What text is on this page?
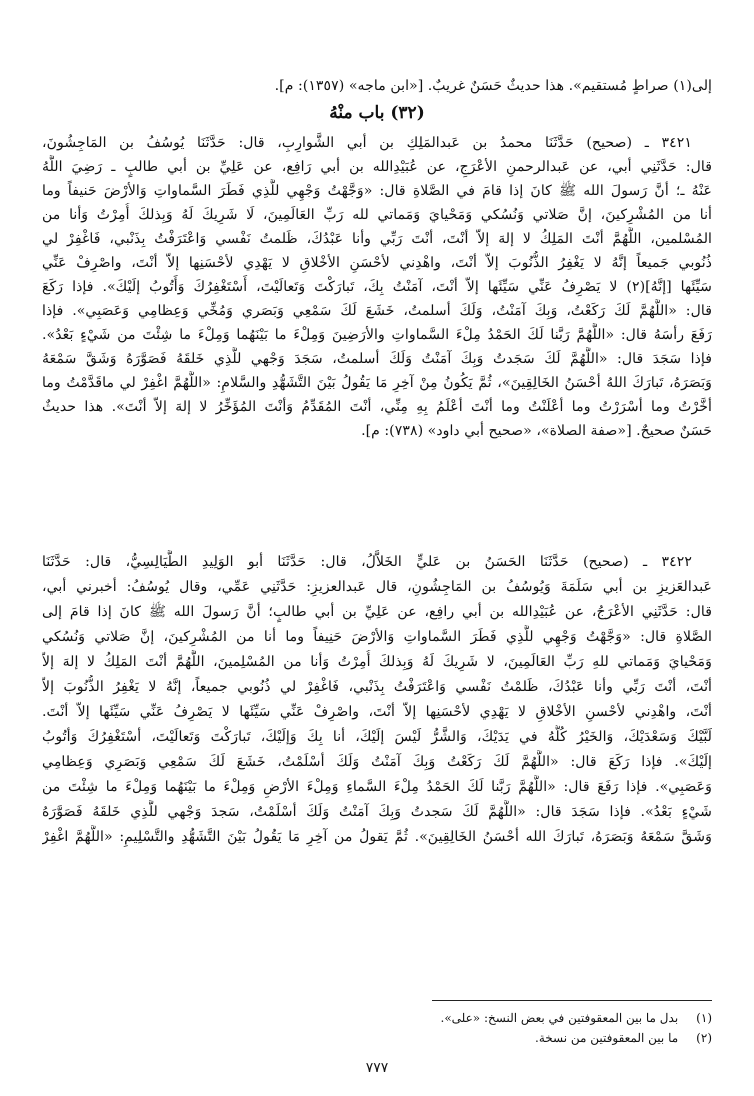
إلى(١) صراطٍ مُستقيم». هذا حديثٌ حَسَنٌ غريبٌ. [«ابن ماجه» (١٣٥٧): م].
(٣٢) باب منْهُ
٣٤٢١ ـ (صحيح) حَدَّثَنَا محمدُ بن عَبدالمَلِكِ بن أبي الشَّوارِبِ، قال: حَدَّثَنَا يُوسُفُ بن المَاجِشُونَ،
قال: حَدَّثَنِي أبي، عن عَبدالرحمنِ الأعْرَجِ، عن عُبَيْدِالله بن أبي رَافِع، عن عَلِيِّ بن أبي طالبٍ ـ رَضِيَ اللَّهُ
عَنْهُ ـ؛ أنَّ رَسولَ الله ﷺ كانَ إذا قامَ في الصَّلاةِ قال: «وَجَّهْتُ وَجْهِي للَّذِي فَطَرَ السَّماواتِ وَالأرْضَ حَنيفاً وما
أنا من المُشْرِكينَ، إنَّ صَلاتي وَنُسُكي وَمَحْيايَ وَمَماتي لله رَبِّ العَالَمِينَ، لَا شَرِيكَ لَهُ وَبِذلكَ أُمِرْتُ وَأنا من
المُسْلمين، اللَّهُمَّ أنْتَ المَلِكُ لا إلهَ إلاّ أنْتَ، أنْتَ رَبِّي وأنا عَبْدُكَ، ظَلمتُ نَفْسي وَاعْتَرَفْتُ بِذَنْبي، فَاغْفِرْ لي
ذُنُوبي جَميعاً إنَّهُ لا يَغْفِرُ الذُّنُوبَ إلاّ أنْتَ، واهْدِني لأحْسَنِ الأخْلاقِ لا يَهْدِي لأحْسَنِها إلاّ أنْتَ، واصْرِفْ عَنِّي
سَيِّئَها [إنَّهُ](٢) لا يَصْرِفُ عَنِّي سَيِّئَها إلاّ أنْتَ، آمَنْتُ بِكَ، تَبارَكْتَ وَتَعالَيْتَ، أَسْتَغْفِرُكَ وَأَتُوبُ إلَيْكَ». فإذا رَكَعَ
قال: «اللَّهُمَّ لَكَ رَكَعْتُ، وَبِكَ آمَنْتُ، وَلَكَ أسلمتُ، خَشَعَ لَكَ سَمْعِي وَبَصَري وَمُخِّي وَعِظامِي وَعَصَبِي». فإذا
رَفَعَ رأسَهُ قال: «اللَّهُمَّ رَبَّنا لَكَ الحَمْدُ مِلْءَ السَّماواتِ والأرَضِينَ وَمِلْءَ ما بَيْنَهُما وَمِلْءَ ما شِئْتَ من شَيْءٍ بَعْدُ».
فإذا سَجَدَ قال: «اللَّهُمَّ لَكَ سَجَدتُ وَبِكَ آمَنْتُ وَلَكَ أسلمتُ، سَجَدَ وَجْهي للَّذِي خَلقَهُ فَصَوَّرَهُ وَشَقَّ سَمْعَهُ
وَبَصَرَهُ، تَبارَكَ اللهُ أحْسَنُ الخَالِقِينَ»، ثُمَّ يَكُونُ مِنْ آخِرِ مَا يَقُولُ بَيْنَ التَّشَهُّدِ والسَّلامِ: «اللَّهُمَّ اغْفِرْ لي ماقَدَّمْتُ وما
أخَّرْتُ وما أسْرَرْتُ وما أعْلَنْتُ وما أنْتَ أعْلَمُ بِهِ مِنِّي، أنْتَ المُقَدِّمُ وَأنْتَ المُؤَخِّرُ لا إلهَ إلاّ أنْتَ». هذا حديثٌ
حَسَنٌ صحيحٌ. [«صفة الصلاة»، «صحيح أبي داود» (٧٣٨): م].
٣٤٢٢ ـ (صحيح) حَدَّثَنَا الحَسَنُ بن عَليٍّ الخَلاَّلُ، قال: حَدَّثَنَا أبو الوَلِيدِ الطَّيَالِسِيُّ، قال: حَدَّثَنَا
عَبدالعَزيزِ بن أبي سَلَمَةَ وَيُوسُفُ بن المَاجِشُونِ، قال عَبدالعزيزِ: حَدَّثَنِي عَمِّي، وقال يُوسُفُ: أخبرني أبي،
قال: حَدَّثَنِي الأعْرَجُ، عن عُبَيْدِالله بن أبي رافِع، عن عَلِيِّ بن أبي طالبٍ؛ أنَّ رَسولَ الله ﷺ كانَ إذا قامَ إلى
الصَّلاةِ قال: «وَجَّهْتُ وَجْهِي للَّذِي فَطَرَ السَّماواتِ وَالأرْضَ حَنِيفاً وما أنا من المُشْرِكينَ، إنَّ صَلاتي وَنُسُكي
وَمَحْيايَ وَمَماتي للهِ رَبِّ العَالَمِينَ، لا شَرِيكَ لَهُ وَبِذلكَ أُمِرْتُ وَأنا من المُسْلِمينَ، اللَّهُمَّ أنْتَ المَلِكُ لا إلهَ إلاّ
أنْتَ، أنْتَ رَبِّي وأنا عَبْدُكَ، ظَلمْتُ نَفْسي وَاعْتَرَفْتُ بِذَنْبي، فَاغْفِرْ لي ذُنُوبي جميعاً، إنَّهُ لا يَغْفِرُ الذُّنُوبَ إلاّ
أنْتَ، واهْدِني لأحْسنِ الأخْلاقِ لا يَهْدِي لأحْسَنِها إلاّ أنْتَ، واصْرِفْ عَنِّي سَيِّئَها لا يَصْرِفُ عَنِّي سَيِّئَها إلاّ أنْتَ.
لَبَّيْكَ وَسَعْدَيْكَ، وَالخَيْرُ كُلُّهُ في يَدَيْكَ، وَالشَّرُّ لَيْسَ إلَيْكَ، أنا بِكَ وَإلَيْكَ، تَبارَكْتَ وَتَعالَيْتَ، أسْتَغْفِرُكَ وَأتُوبُ
إلَيْكَ». فإذا رَكَعَ قال: «اللَّهُمَّ لَكَ رَكَعْتُ وَبِكَ آمَنْتُ وَلَكَ أسْلَمْتُ، خَشَعَ لَكَ سَمْعِي وَبَصَرِي وَعِظامِي
وَعَصَبِي». فإذا رَفَعَ قال: «اللَّهُمَّ رَبَّنا لَكَ الحَمْدُ مِلْءَ السَّماءِ وَمِلْءَ الأرْضِ وَمِلْءَ ما بَيْنَهُما وَمِلْءَ ما شِئْتَ من
شَيْءٍ بَعْدُ». فإذا سَجَدَ قال: «اللَّهُمَّ لَكَ سَجدتُ وَبِكَ آمَنْتُ وَلَكَ أسْلَمْتُ، سَجدَ وَجْهي للَّذِي خَلقَهُ فَصَوَّرَهُ
وَشَقَّ سَمْعَهُ وَبَصَرَهُ، تَبارَكَ الله أحْسَنُ الخَالِقِينَ». ثُمَّ يَقولُ من آخِرِ مَا يَقُولُ بَيْنَ التَّشَهُّدِ والتَّسْلِيمِ: «اللَّهُمَّ اغْفِرْ
(١) بدل ما بين المعقوفتين في بعض النسخ: «على».
(٢) ما بين المعقوفتين من نسخة.
٧٧٧
